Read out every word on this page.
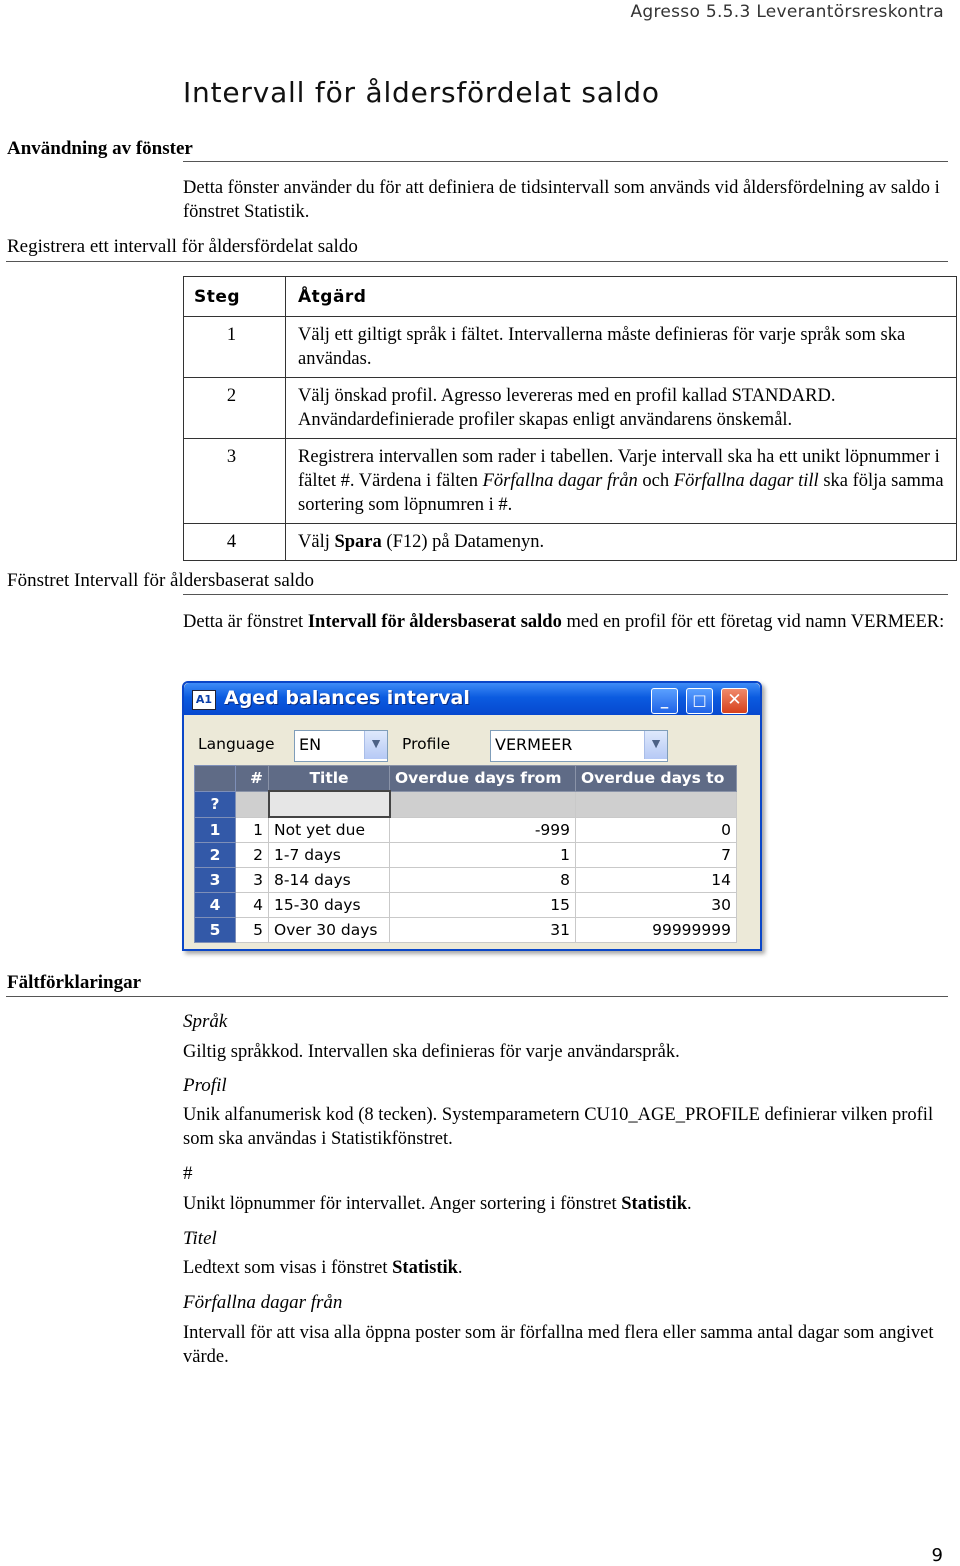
Agresso 5.5.3 Leverantörsreskontra
Intervall för åldersfördelat saldo
Användning av fönster
Detta fönster använder du för att definiera de tidsintervall som används vid åldersfördelning av saldo i fönstret Statistik.
Registrera ett intervall för åldersfördelat saldo
Steg	Åtgärd
1	Välj ett giltigt språk i fältet. Intervallerna måste definieras för varje språk som ska användas.
2	Välj önskad profil. Agresso levereras med en profil kallad STANDARD. Användardefinierade profiler skapas enligt användarens önskemål.
3	Registrera intervallen som rader i tabellen. Varje intervall ska ha ett unikt löpnummer i fältet #. Värdena i fälten Förfallna dagar från och Förfallna dagar till ska följa samma sortering som löpnumren i #.
4	Välj Spara (F12) på Datamenyn.
Fönstret Intervall för åldersbaserat saldo
Detta är fönstret Intervall för åldersbaserat saldo med en profil för ett företag vid namn VERMEER:
A1 Aged balances interval	_	□	✕
Language EN	▼ Profile	VERMEER	▼
	#	Title	Overdue days from	Overdue days to
?				
1	1	Not yet due	-999	0
2	2	1-7 days	1	7
3	3	8-14 days	8	14
4	4	15-30 days	15	30
5	5	Over 30 days	31	99999999
Fältförklaringar
Språk
Giltig språkkod. Intervallen ska definieras för varje användarspråk.
Profil
Unik alfanumerisk kod (8 tecken). Systemparametern CU10_AGE_PROFILE definierar vilken profil som ska användas i Statistikfönstret.
#
Unikt löpnummer för intervallet. Anger sortering i fönstret Statistik.
Titel
Ledtext som visas i fönstret Statistik.
Förfallna dagar från
Intervall för att visa alla öppna poster som är förfallna med flera eller samma antal dagar som angivet värde.
9
